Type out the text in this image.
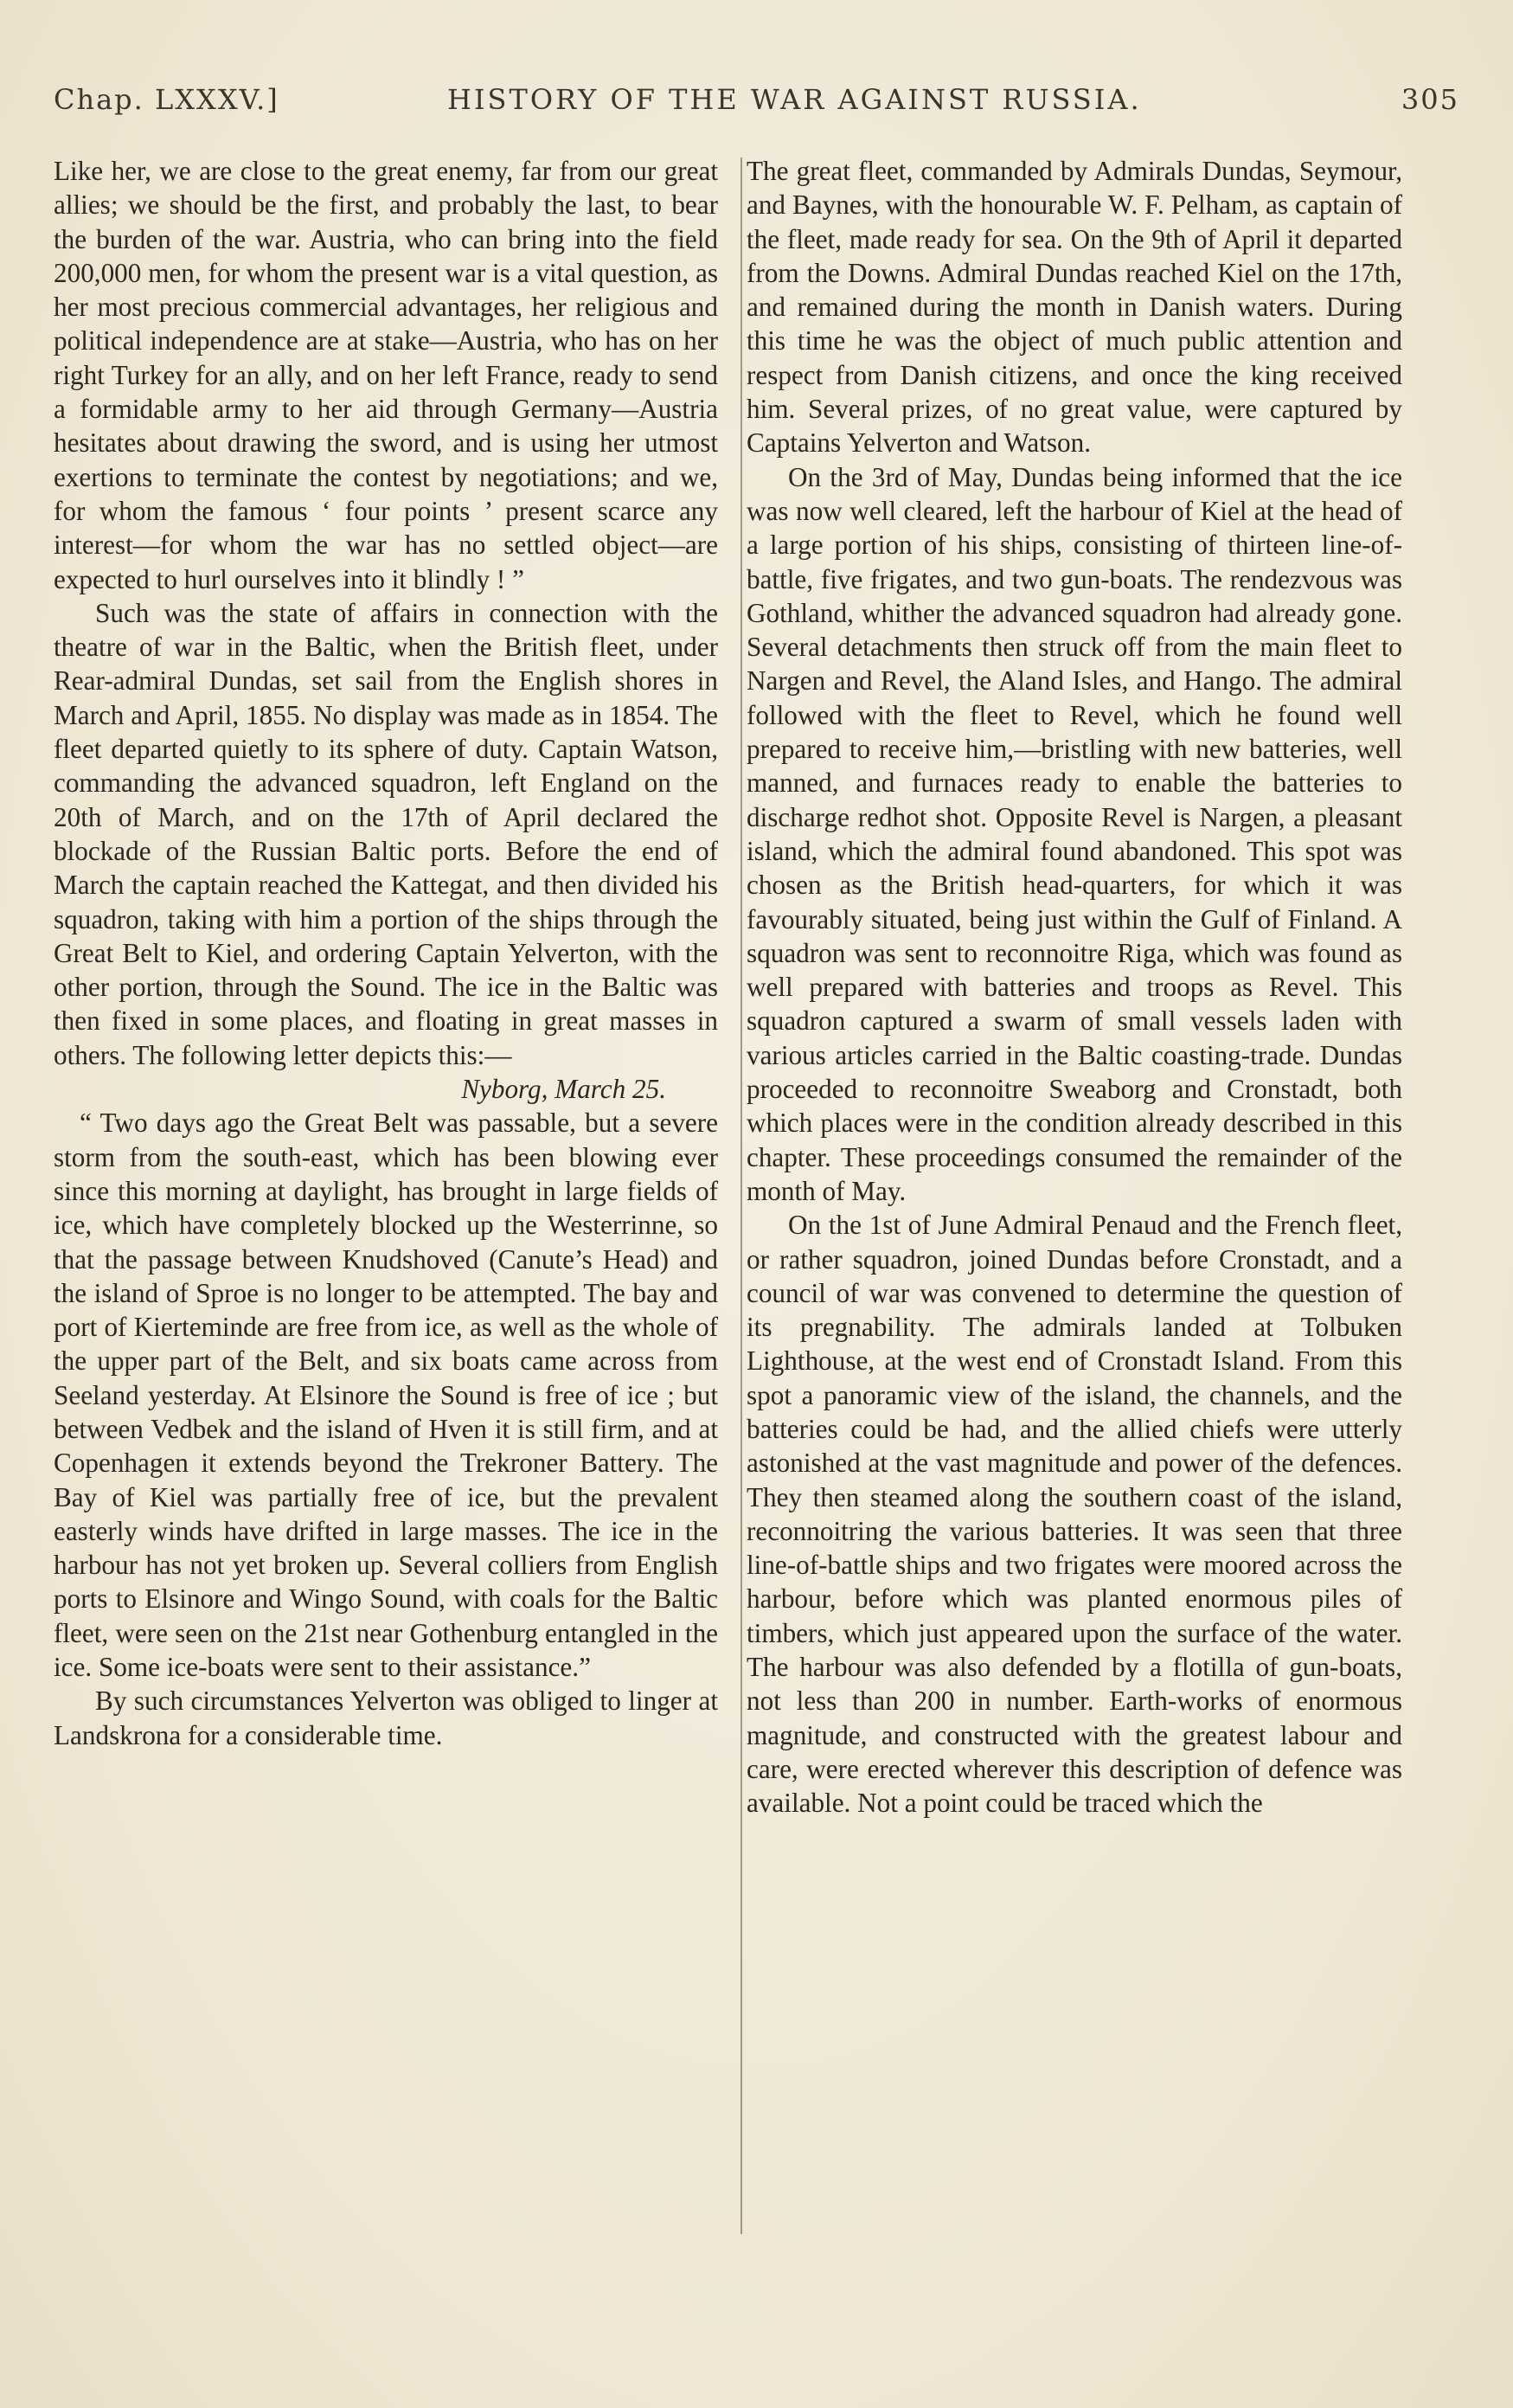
Chap. LXXXV.]	HISTORY OF THE WAR AGAINST RUSSIA.	305

Like her, we are close to the great enemy, far from our great allies; we should be the first, and probably the last, to bear the burden of the war. Austria, who can bring into the field 200,000 men, for whom the present war is a vital question, as her most precious commercial advantages, her religious and political independence are at stake—Austria, who has on her right Turkey for an ally, and on her left France, ready to send a formidable army to her aid through Germany—Austria hesitates about drawing the sword, and is using her utmost exertions to terminate the contest by negotiations; and we, for whom the famous ‘ four points ’ present scarce any interest—for whom the war has no settled object—are expected to hurl ourselves into it blindly ! ”

Such was the state of affairs in connection with the theatre of war in the Baltic, when the British fleet, under Rear-admiral Dundas, set sail from the English shores in March and April, 1855. No display was made as in 1854. The fleet departed quietly to its sphere of duty. Captain Watson, commanding the advanced squadron, left England on the 20th of March, and on the 17th of April declared the blockade of the Russian Baltic ports. Before the end of March the captain reached the Kattegat, and then divided his squadron, taking with him a portion of the ships through the Great Belt to Kiel, and ordering Captain Yelverton, with the other portion, through the Sound. The ice in the Baltic was then fixed in some places, and floating in great masses in others. The following letter depicts this:—

Nyborg, March 25.

“ Two days ago the Great Belt was passable, but a severe storm from the south-east, which has been blowing ever since this morning at daylight, has brought in large fields of ice, which have completely blocked up the Westerrinne, so that the passage between Knudshoved (Canute’s Head) and the island of Sproe is no longer to be attempted. The bay and port of Kierteminde are free from ice, as well as the whole of the upper part of the Belt, and six boats came across from Seeland yesterday. At Elsinore the Sound is free of ice ; but between Vedbek and the island of Hven it is still firm, and at Copenhagen it extends beyond the Trekroner Battery. The Bay of Kiel was partially free of ice, but the prevalent easterly winds have drifted in large masses. The ice in the harbour has not yet broken up. Several colliers from English ports to Elsinore and Wingo Sound, with coals for the Baltic fleet, were seen on the 21st near Gothenburg entangled in the ice. Some ice-boats were sent to their assistance.”

By such circumstances Yelverton was obliged to linger at Landskrona for a considerable time.

The great fleet, commanded by Admirals Dundas, Seymour, and Baynes, with the honourable W. F. Pelham, as captain of the fleet, made ready for sea. On the 9th of April it departed from the Downs. Admiral Dundas reached Kiel on the 17th, and remained during the month in Danish waters. During this time he was the object of much public attention and respect from Danish citizens, and once the king received him. Several prizes, of no great value, were captured by Captains Yelverton and Watson.

On the 3rd of May, Dundas being informed that the ice was now well cleared, left the harbour of Kiel at the head of a large portion of his ships, consisting of thirteen line-of-battle, five frigates, and two gun-boats. The rendezvous was Gothland, whither the advanced squadron had already gone. Several detachments then struck off from the main fleet to Nargen and Revel, the Aland Isles, and Hango. The admiral followed with the fleet to Revel, which he found well prepared to receive him,—bristling with new batteries, well manned, and furnaces ready to enable the batteries to discharge redhot shot. Opposite Revel is Nargen, a pleasant island, which the admiral found abandoned. This spot was chosen as the British head-quarters, for which it was favourably situated, being just within the Gulf of Finland. A squadron was sent to reconnoitre Riga, which was found as well prepared with batteries and troops as Revel. This squadron captured a swarm of small vessels laden with various articles carried in the Baltic coasting-trade. Dundas proceeded to reconnoitre Sweaborg and Cronstadt, both which places were in the condition already described in this chapter. These proceedings consumed the remainder of the month of May.

On the 1st of June Admiral Penaud and the French fleet, or rather squadron, joined Dundas before Cronstadt, and a council of war was convened to determine the question of its pregnability. The admirals landed at Tolbuken Lighthouse, at the west end of Cronstadt Island. From this spot a panoramic view of the island, the channels, and the batteries could be had, and the allied chiefs were utterly astonished at the vast magnitude and power of the defences. They then steamed along the southern coast of the island, reconnoitring the various batteries. It was seen that three line-of-battle ships and two frigates were moored across the harbour, before which was planted enormous piles of timbers, which just appeared upon the surface of the water. The harbour was also defended by a flotilla of gun-boats, not less than 200 in number. Earth-works of enormous magnitude, and constructed with the greatest labour and care, were erected wherever this description of defence was available. Not a point could be traced which the
